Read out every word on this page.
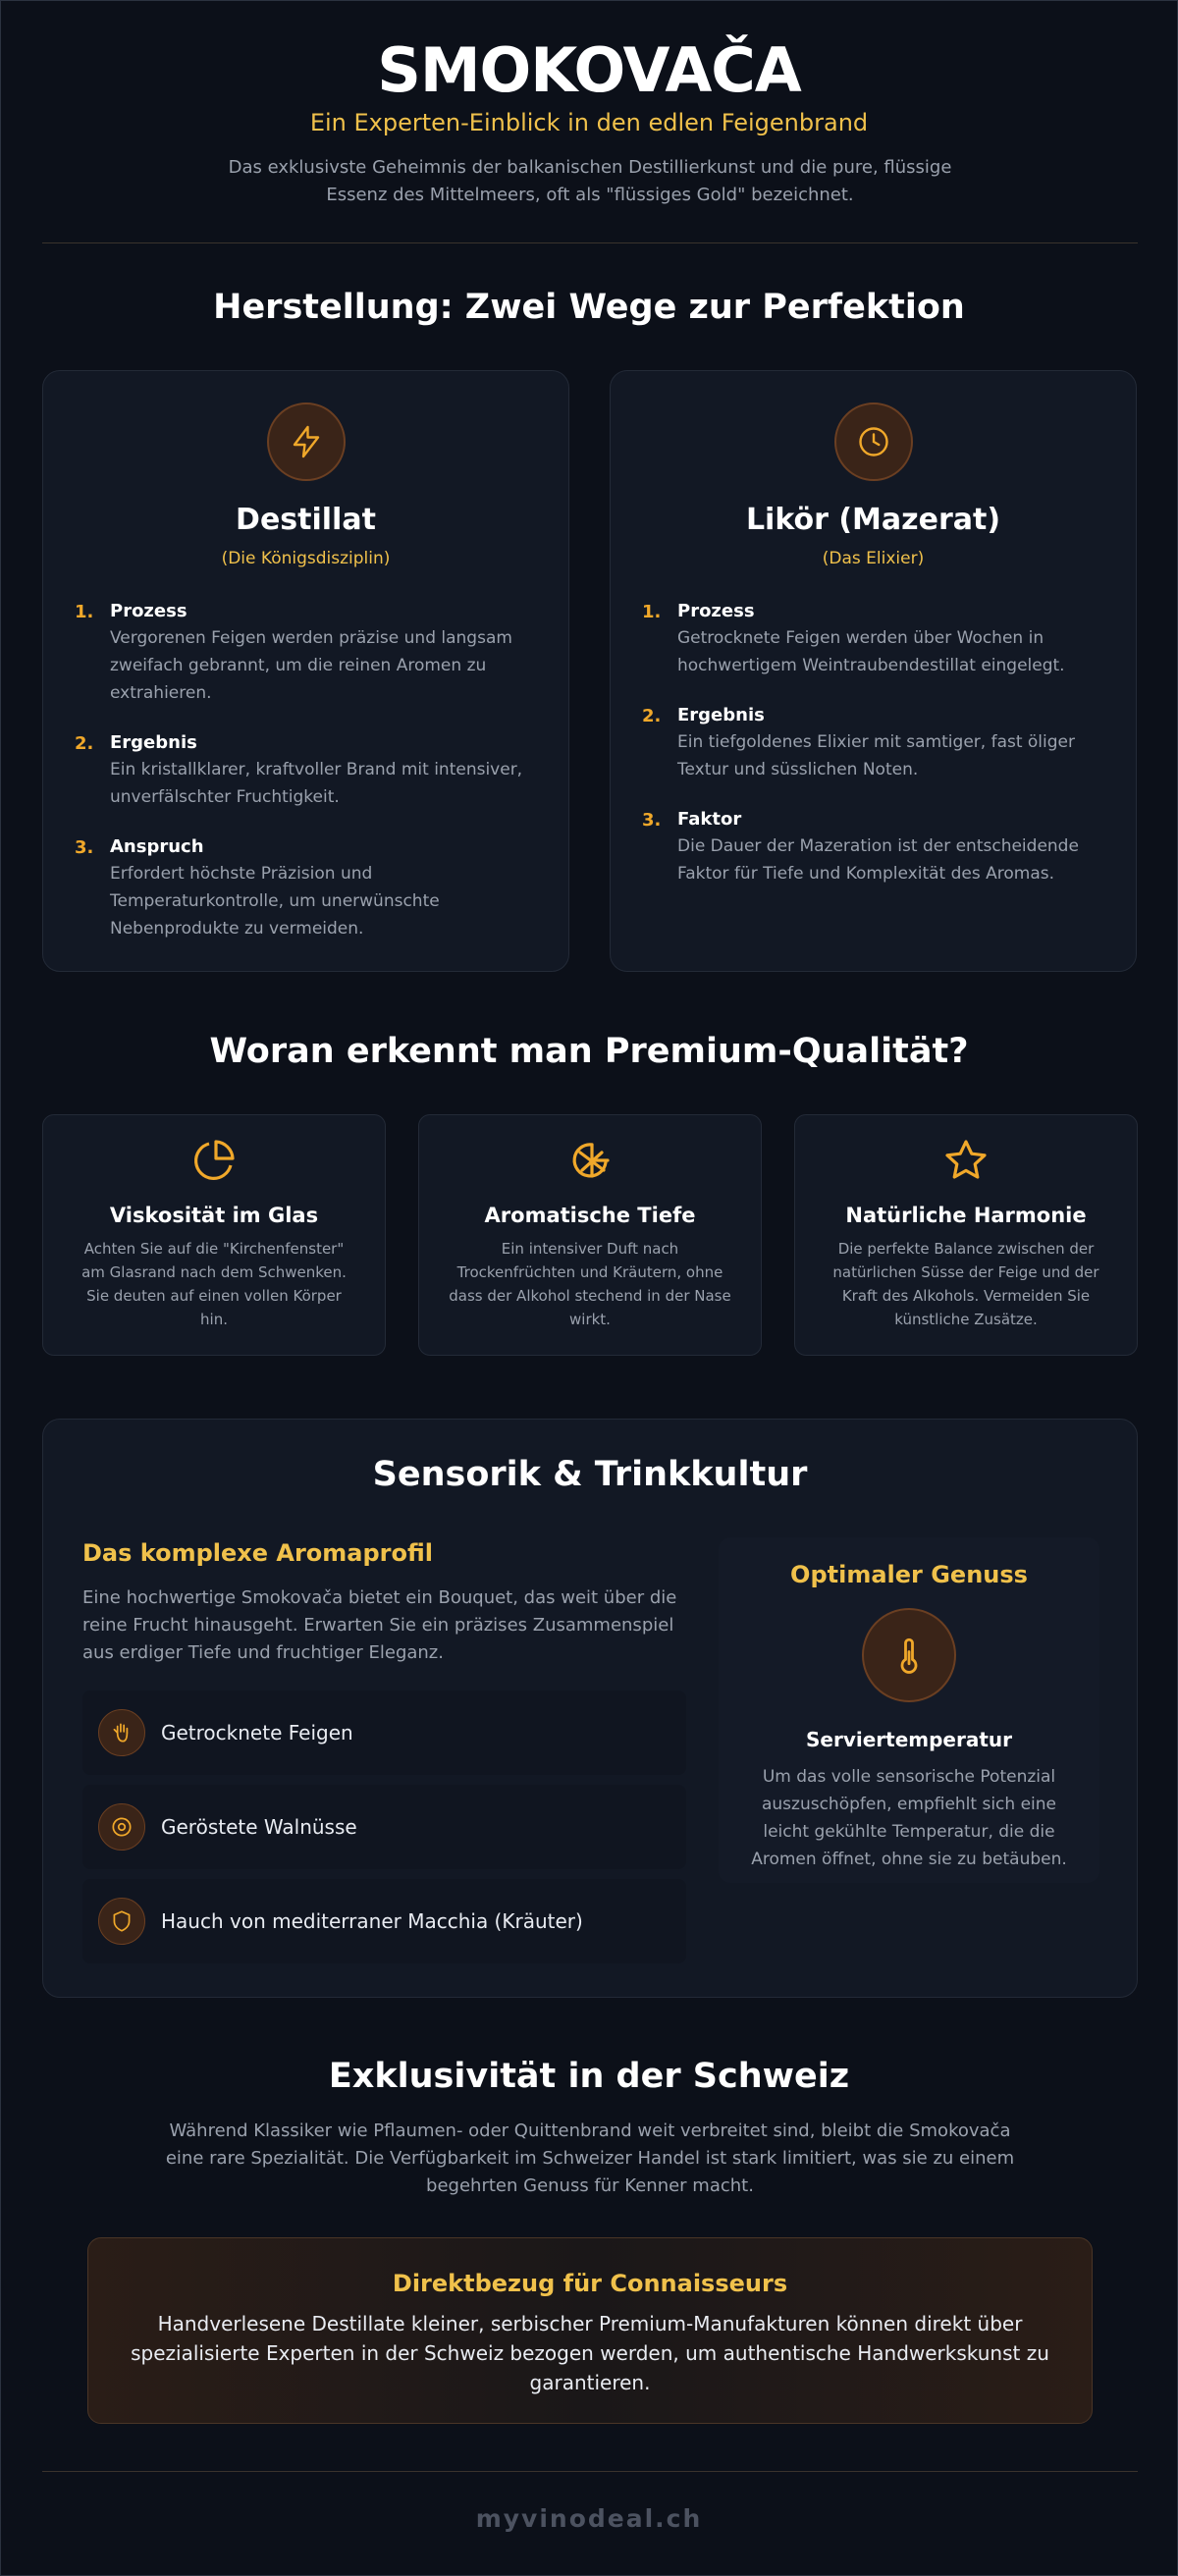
SMOKOVAČA
Ein Experten-Einblick in den edlen Feigenbrand

Das exklusivste Geheimnis der balkanischen Destillierkunst und die pure, flüssige Essenz des Mittelmeers, oft als "flüssiges Gold" bezeichnet.

Herstellung: Zwei Wege zur Perfektion
Destillat
(Die Königsdisziplin)
1. Prozess
Vergorenen Feigen werden präzise und langsam zweifach gebrannt, um die reinen Aromen zu extrahieren.
2. Ergebnis
Ein kristallklarer, kraftvoller Brand mit intensiver, unverfälschter Fruchtigkeit.
3. Anspruch
Erfordert höchste Präzision und Temperaturkontrolle, um unerwünschte Nebenprodukte zu vermeiden.
Likör (Mazerat)
(Das Elixier)
1. Prozess
Getrocknete Feigen werden über Wochen in hochwertigem Weintraubendestillat eingelegt.
2. Ergebnis
Ein tiefgoldenes Elixier mit samtiger, fast öliger Textur und süsslichen Noten.
3. Faktor
Die Dauer der Mazeration ist der entscheidende Faktor für Tiefe und Komplexität des Aromas.
Woran erkennt man Premium-Qualität?
Viskosität im Glas
Achten Sie auf die "Kirchenfenster" am Glasrand nach dem Schwenken. Sie deuten auf einen vollen Körper hin.
Aromatische Tiefe
Ein intensiver Duft nach Trockenfrüchten und Kräutern, ohne dass der Alkohol stechend in der Nase wirkt.
Natürliche Harmonie
Die perfekte Balance zwischen der natürlichen Süsse der Feige und der Kraft des Alkohols. Vermeiden Sie künstliche Zusätze.
Sensorik & Trinkkultur
Das komplexe Aromaprofil

Eine hochwertige Smokovača bietet ein Bouquet, das weit über die reine Frucht hinausgeht. Erwarten Sie ein präzises Zusammenspiel aus erdiger Tiefe und fruchtiger Eleganz.

Getrocknete Feigen
Geröstete Walnüsse
Hauch von mediterraner Macchia (Kräuter)
Optimaler Genuss
Serviertemperatur
Um das volle sensorische Potenzial auszuschöpfen, empfiehlt sich eine leicht gekühlte Temperatur, die die Aromen öffnet, ohne sie zu betäuben.
Exklusivität in der Schweiz

Während Klassiker wie Pflaumen- oder Quittenbrand weit verbreitet sind, bleibt die Smokovača eine rare Spezialität. Die Verfügbarkeit im Schweizer Handel ist stark limitiert, was sie zu einem begehrten Genuss für Kenner macht.

Direktbezug für Connaisseurs
Handverlesene Destillate kleiner, serbischer Premium-Manufakturen können direkt über spezialisierte Experten in der Schweiz bezogen werden, um authentische Handwerkskunst zu garantieren.
myvinodeal.ch
